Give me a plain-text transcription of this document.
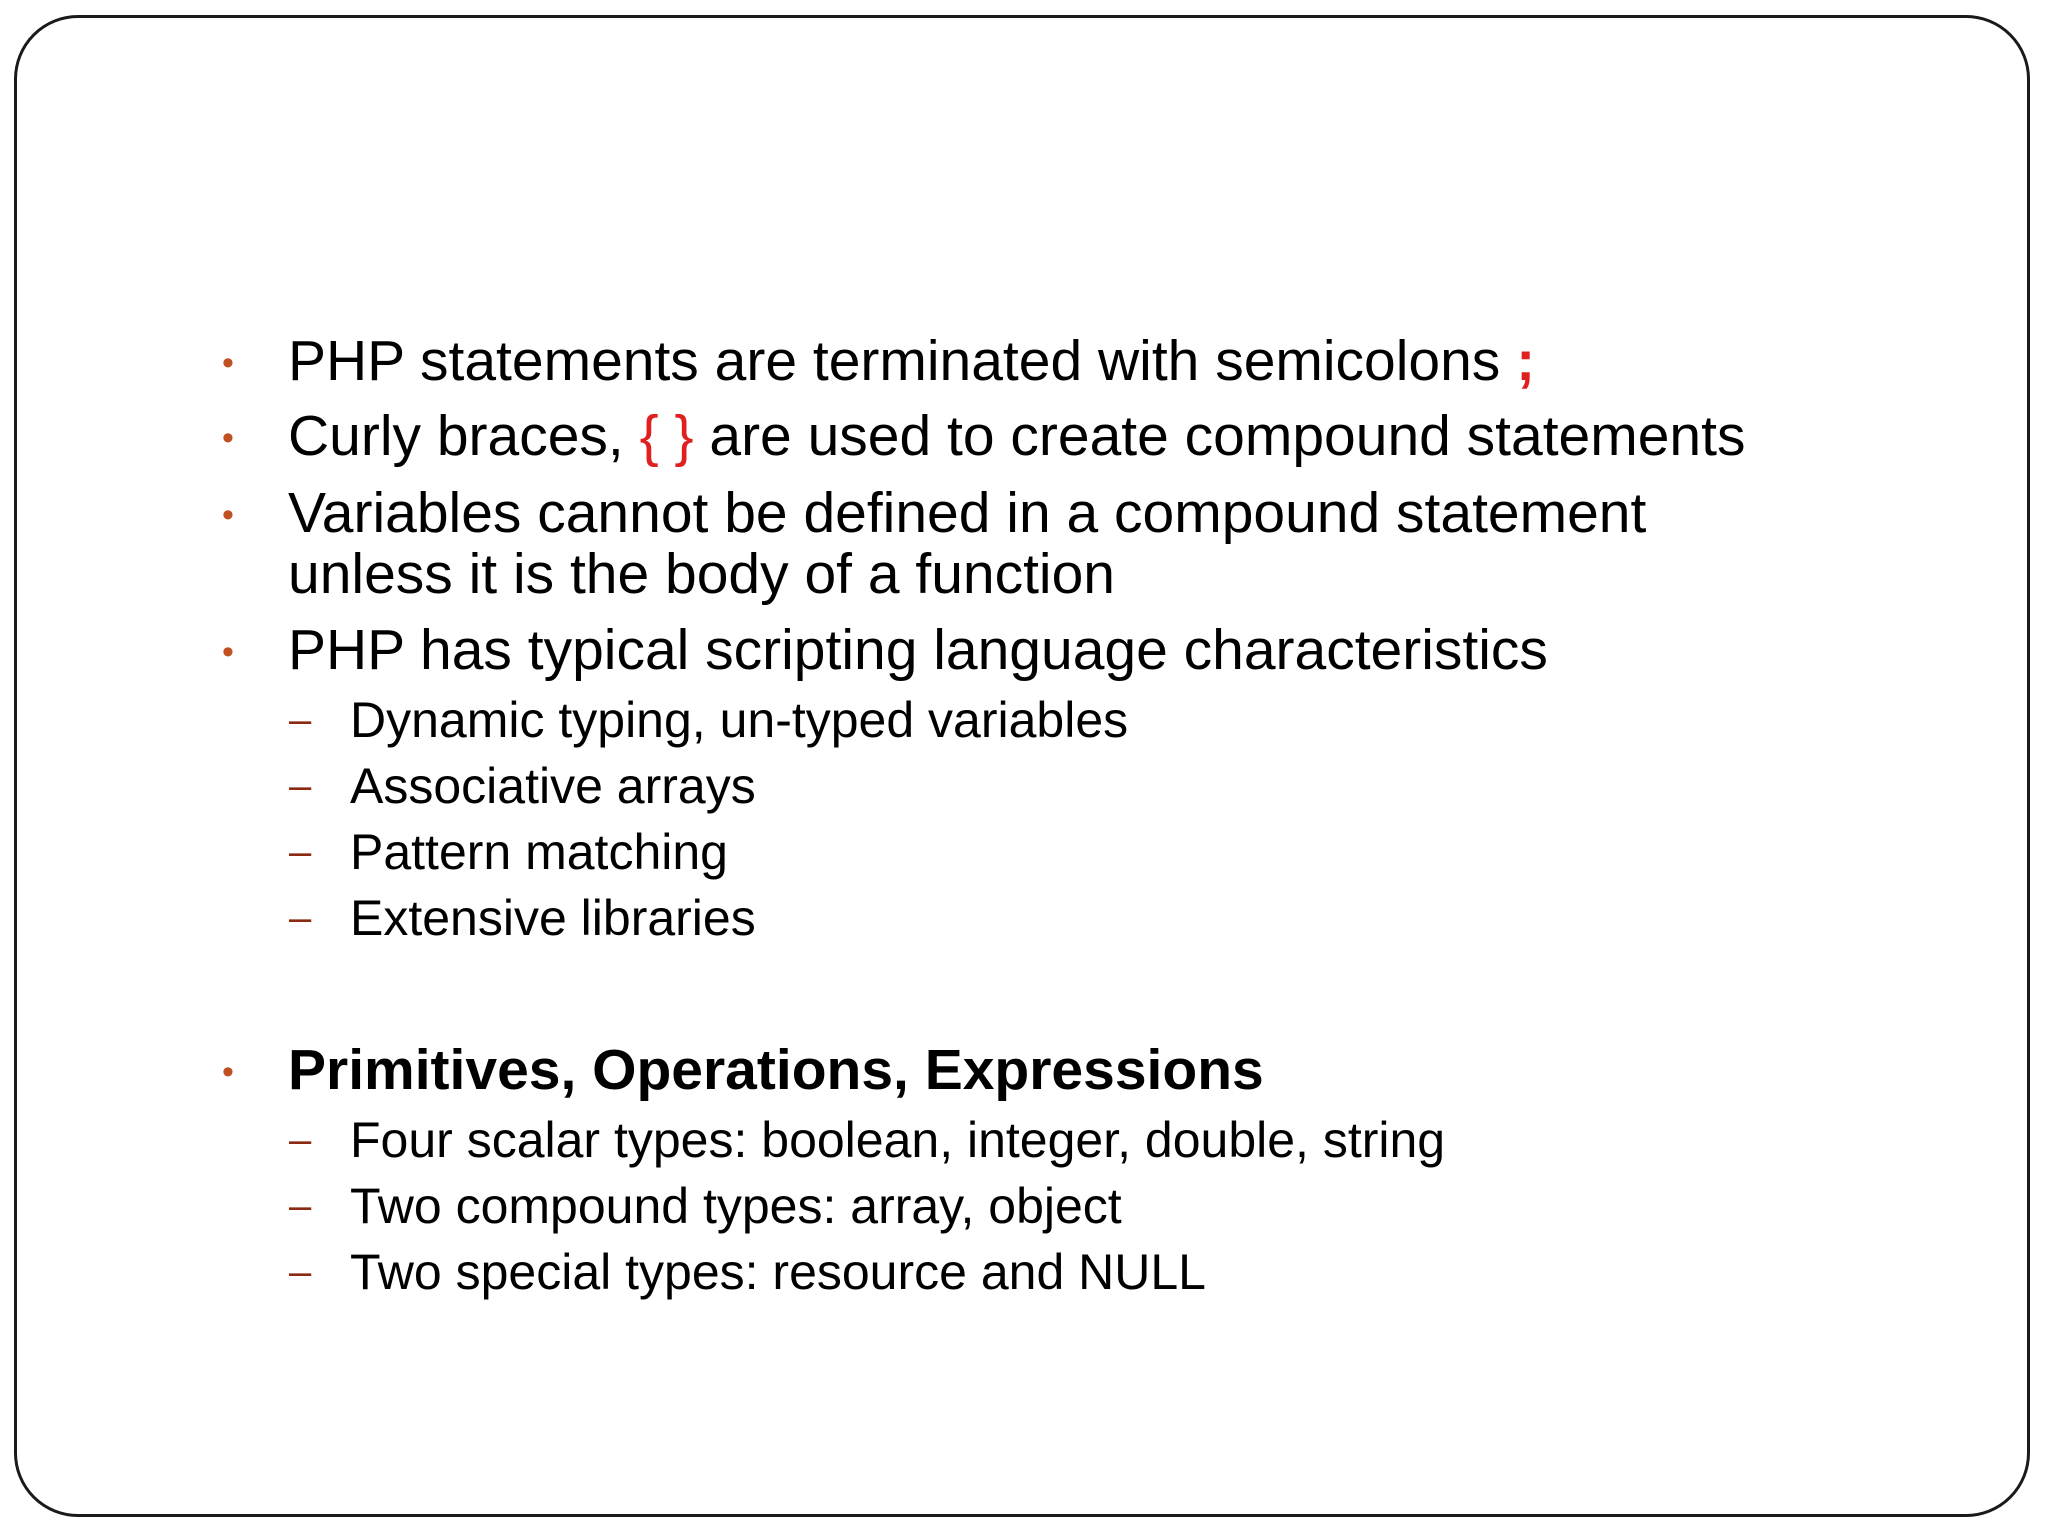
• PHP statements are terminated with semicolons ;
• Curly braces, { } are used to create compound statements
• Variables cannot be defined in a compound statement
unless it is the body of a function
• PHP has typical scripting language characteristics
– Dynamic typing, un-typed variables
– Associative arrays
– Pattern matching
– Extensive libraries
• Primitives, Operations, Expressions
– Four scalar types: boolean, integer, double, string
– Two compound types: array, object
– Two special types: resource and NULL
